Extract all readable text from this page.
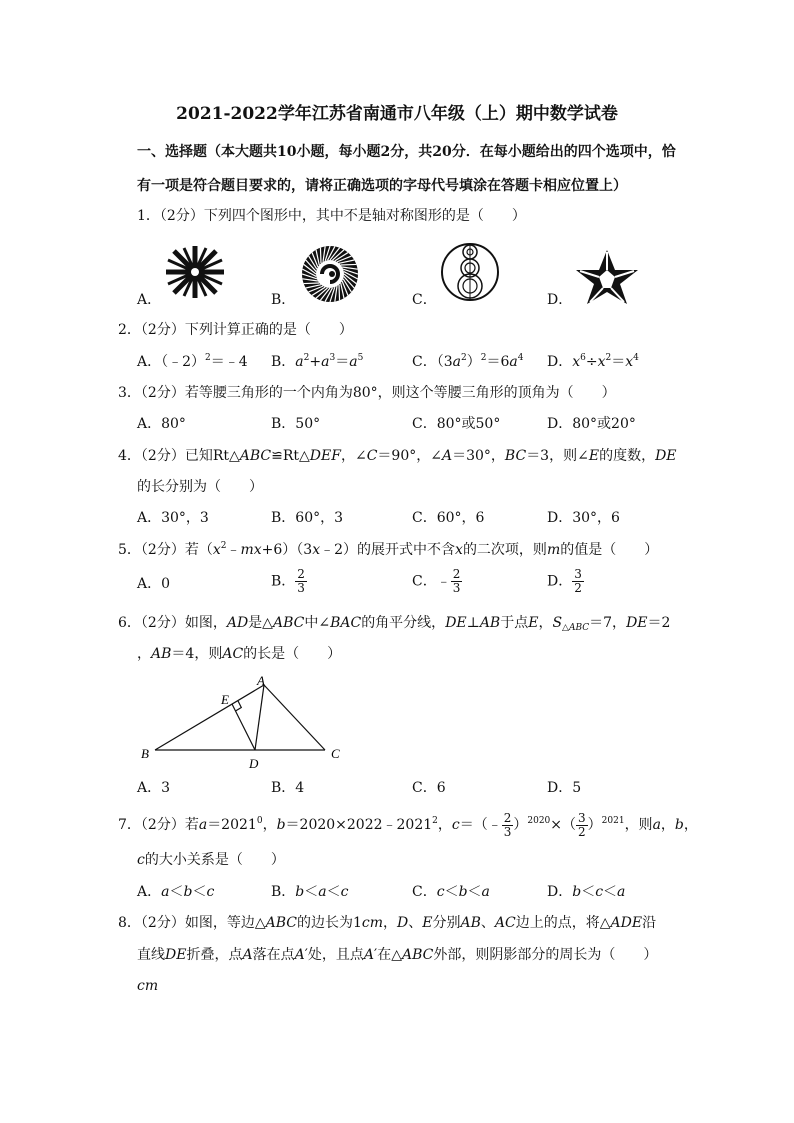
2021-2022学年江苏省南通市八年级（上）期中数学试卷
一、选择题（本大题共10小题，每小题2分，共20分．在每小题给出的四个选项中，恰
有一项是符合题目要求的，请将正确选项的字母代号填涂在答题卡相应位置上）
1．（2分）下列四个图形中，其中不是轴对称图形的是（　　）
A．	B．	C．	D．
2．（2分）下列计算正确的是（　　）
A．（﹣2）$^2$＝﹣4 B．$a^2+a^3=a^5$	C．$(3a^2)^2=6a^4$ D．$x^6\div x^2=x^4$
3．（2分）若等腰三角形的一个内角为80°，则这个等腰三角形的顶角为（　　）
A．80°	B．50°	C．80°或50°	D．80°或20°
4．（2分）已知Rt△ABC≌Rt△DEF，∠C＝90°，∠A＝30°，BC＝3，则∠E的度数，DE
的长分别为（　　）
A．30°，3	B．60°，3	C．60°，6	D．30°，6
5．（2分）若$(x^2﹣mx+6)(3x﹣2)$的展开式中不含x的二次项，则m的值是（　　）
A．0	B． $\frac{2}{3}$	C．﹣ $\frac{2}{3}$	D． $\frac{3}{2}$
6．（2分）如图，AD是△ABC中∠BAC的角平分线，DE⊥AB于点E，$S_{\triangle ABC}=7$，DE＝2
，AB＝4，则AC的长是（　　）
A
E
B
D
C
A．3	B．4	C．6	D．5
7．（2分）若$a=2021^0$，$b=2020\times 2022﹣2021^2$，c＝（﹣ $\frac{2}{3} )^{2020}\times( \frac{3}{2} )^{2021}$，则a，b，
c的大小关系是（　　）
A．a＜b＜c	B．b＜a＜c	C．c＜b＜a	D．b＜c＜a
8．（2分）如图，等边△ABC的边长为1cm，D、E分别AB、AC边上的点，将△ADE沿
直线DE折叠，点A落在点A′处，且点A′在△ABC外部，则阴影部分的周长为（　　）
cm
